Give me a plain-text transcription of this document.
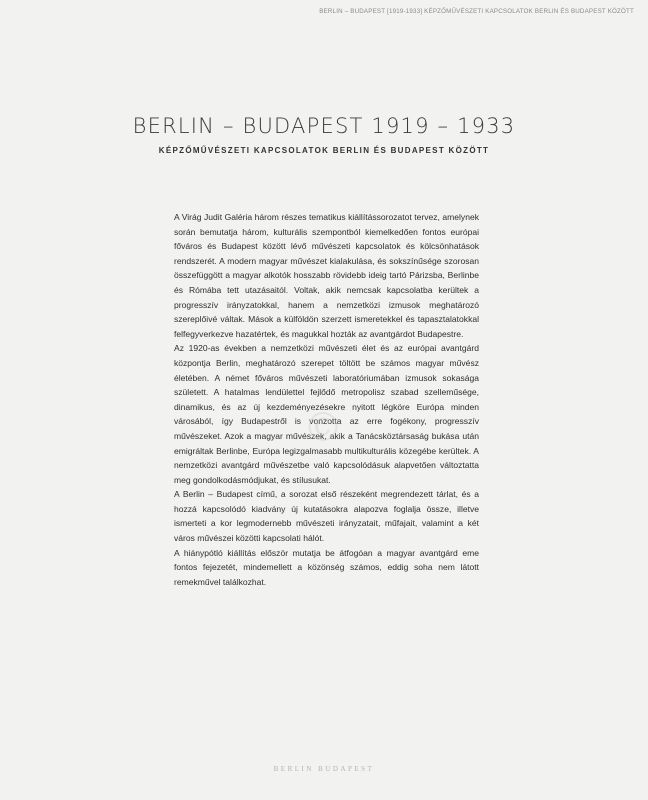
BERLIN – BUDAPEST [1919-1933] KÉPZŐMŰVÉSZETI KAPCSOLATOK BERLIN ÉS BUDAPEST KÖZÖTT
BERLIN – BUDAPEST 1919 – 1933
KÉPZŐMŰVÉSZETI KAPCSOLATOK BERLIN ÉS BUDAPEST KÖZÖTT

A Virág Judit Galéria három részes tematikus kiállítássorozatot tervez, amelynek során bemutatja három, kulturális szempontból kiemelkedően fontos európai főváros és Budapest között lévő művészeti kapcsolatok és kölcsönhatások rendszerét. A modern magyar művészet kialakulása, és sokszínűsége szorosan összefüggött a magyar alkotók hosszabb rövidebb ideig tartó Párizsba, Berlinbe és Rómába tett utazásaitól. Voltak, akik nemcsak kapcsolatba kerültek a progresszív irányzatokkal, hanem a nemzetközi izmusok meghatározó szereplőivé váltak. Mások a külföldön szerzett ismeretekkel és tapasztalatokkal felfegyverkezve hazatértek, és magukkal hozták az avantgárdot Budapestre.

Az 1920-as években a nemzetközi művészeti élet és az európai avantgárd központja Berlin, meghatározó szerepet töltött be számos magyar művész életében. A német főváros művészeti laboratóriumában izmusok sokasága született. A hatalmas lendülettel fejlődő metropolisz szabad szelleműsége, dinamikus, és az új kezdeményezésekre nyitott légköre Európa minden városából, így Budapestről is vonzotta az erre fogékony, progresszív művészeket. Azok a magyar művészek, akik a Tanácsköztársaság bukása után emigráltak Berlinbe, Európa legizgalmasabb multikulturális közegébe kerültek. A nemzetközi avantgárd művészetbe való kapcsolódásuk alapvetően változtatta meg gondolkodásmódjukat, és stílusukat.

A Berlin – Budapest című, a sorozat első részeként megrendezett tárlat, és a hozzá kapcsolódó kiadvány új kutatásokra alapozva foglalja össze, illetve ismerteti a kor legmodernebb művészeti irányzatait, műfajait, valamint a két város művészei közötti kapcsolati hálót.

A hiánypótló kiállítás először mutatja be átfogóan a magyar avantgárd eme fontos fejezetét, mindemellett a közönség számos, eddig soha nem látott remekművel találkozhat.

©
BERLIN BUDAPEST
